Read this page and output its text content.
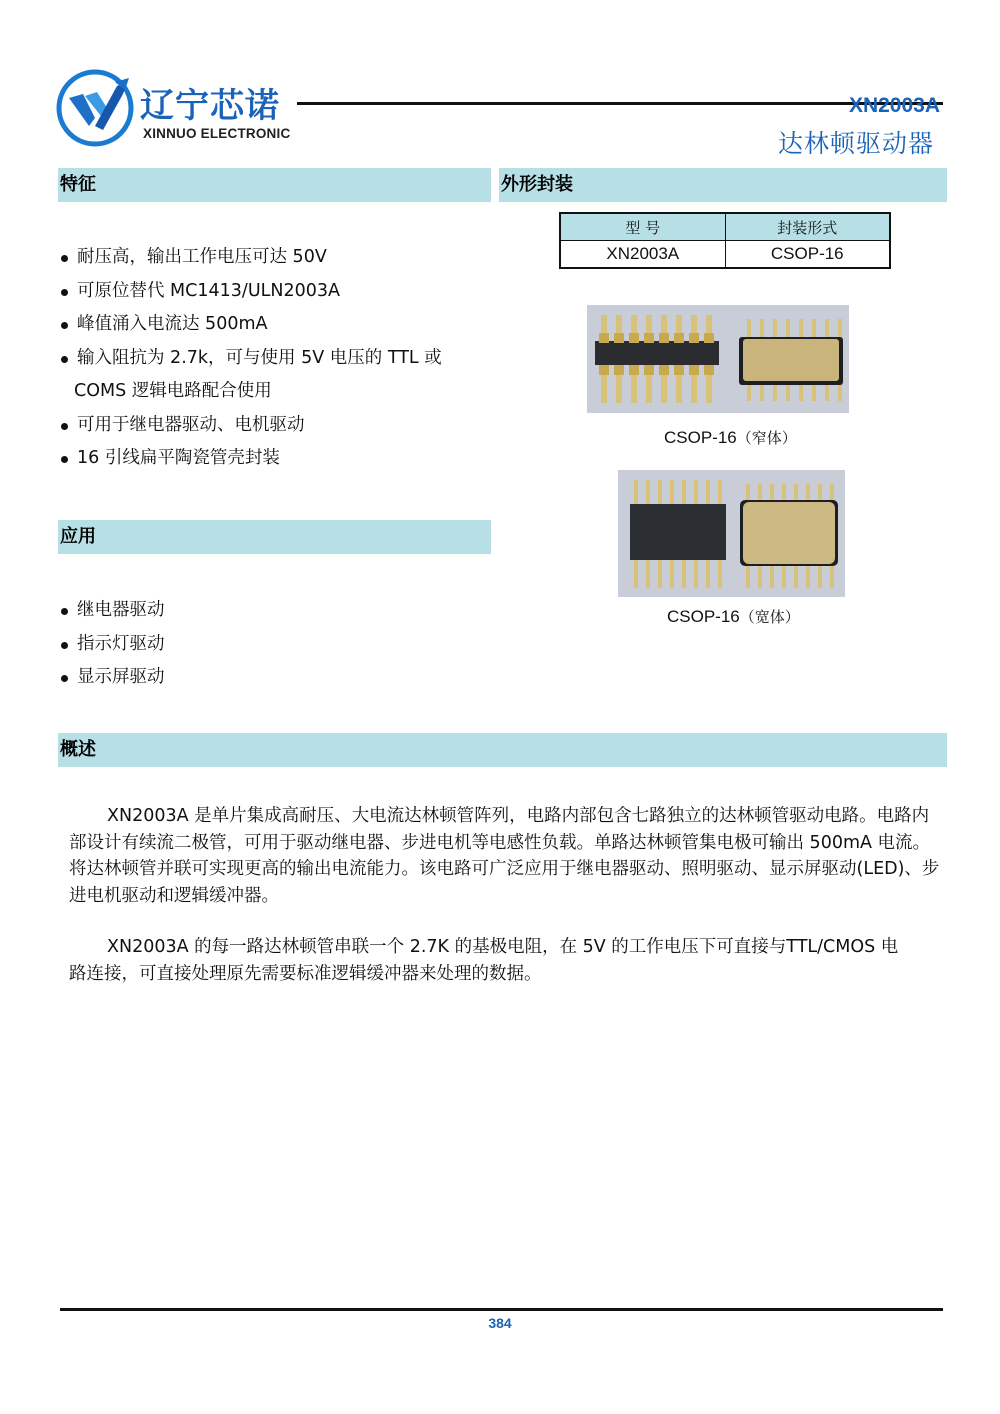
辽宁芯诺
XINNUO ELECTRONIC
XN2003A
达林顿驱动器
特征
耐压高，输出工作电压可达 50V
可原位替代 MC1413/ULN2003A
峰值涌入电流达 500mA
输入阻抗为 2.7k，可与使用 5V 电压的 TTL 或
COMS 逻辑电路配合使用
可用于继电器驱动、电机驱动
16 引线扁平陶瓷管壳封装
外形封装
型 号	封装形式
XN2003A	CSOP-16
CSOP-16（窄体）
CSOP-16（宽体）
应用
继电器驱动
指示灯驱动
显示屏驱动
概述

XN2003A 是单片集成高耐压、大电流达林顿管阵列，电路内部包含七路独立的达林顿管驱动电路。电路内部设计有续流二极管，可用于驱动继电器、步进电机等电感性负载。单路达林顿管集电极可输出 500mA 电流。将达林顿管并联可实现更高的输出电流能力。该电路可广泛应用于继电器驱动、照明驱动、显示屏驱动(LED)、步进电机驱动和逻辑缓冲器。

XN2003A 的每一路达林顿管串联一个 2.7K 的基极电阻，在 5V 的工作电压下可直接与TTL/CMOS 电路连接，可直接处理原先需要标准逻辑缓冲器来处理的数据。

384
